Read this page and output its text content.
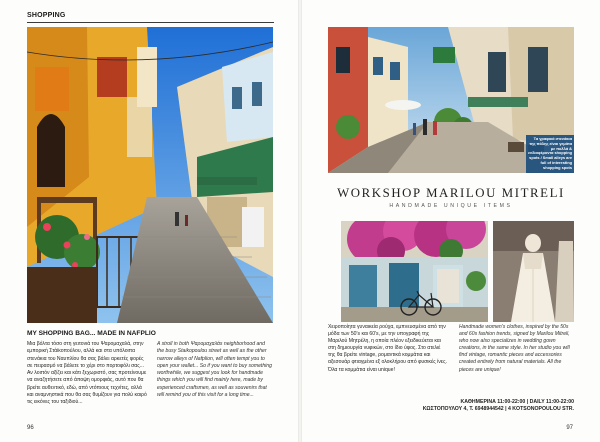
SHOPPING
MY SHOPPING BAG... MADE IN NAFPLIO
Μια βόλτα τόσο στη γειτονιά του Ψαρομαχαλά, στην εμπορική Στάϊκοπούλου, αλλά και στα υπόλοιπα στενάκια του Ναυπλίου θα σας βάλει αρκετές φορές σε πειρασμό να βάλετε το χέρι στο πορτοφόλι σας... Αν λοιπόν αξίζει και κάτι ξεχωριστό, σας προτείνουμε να αναζητήσετε από άποψη ομορφιάς, αυτό που θα βρείτε αυθεντικό, εδώ, από ντόπιους τεχνίτες, αλλά και αναμνηστικά που θα σας θυμίζουν για πολύ καιρό τις εικόνες του ταξιδιού...
A stroll in both Ψαρομαχαλάs neighborhood and the busy Staikopoulou street as well as the other narrow alleys of Nafplion, will often tempt you to open your wallet... So if you want to buy something worthwhile, we suggest you look for handmade things which you will find mainly here, made by experienced craftsmen, as well as souvenirs that will remind you of this visit for a long time...
96
Τα γραφικά στενάκια της πόλης είναι γεμάτα με πολλά & ενδιαφέροντα shopping spots / Small alleys are full of interesting shopping spots
WORKSHOP MARILOU MITRELI
HANDMADE UNIQUE ITEMS
Χειροποίητα γυναικεία ρούχα, εμπνευσμένα από την μόδα των 50's και 60's, με την υπογραφή της Μαριλού Μητρέλη, η οποία πλέον εξειδικεύεται και στη δημιουργία νυφικών, στο ίδιο ύφος. Στο ατελιέ της θα βρείτε vintage, ρομαντικά κομμάτια και αξεσουάρ φτιαγμένα εξ ολοκλήρου από φυσικές ίνες. Όλα τα κομμάτια είναι unique!
Handmade women's clothes, inspired by the 50s and 60s fashion trends, signed by Marilou Mitreli, who now also specializes in wedding gown creations, in the same style. In her studio you will find vintage, romantic pieces and accessories created entirely from natural materials. All the pieces are unique!
ΚΑΘΗΜΕΡΙΝΑ 11:00-22:00 | DAILY 11:00-22:00
ΚΩΣΤΟΠΟΥΛΟΥ 4, Τ. 6948944542 | 4 KOTSONOPOULOU STR.
97
